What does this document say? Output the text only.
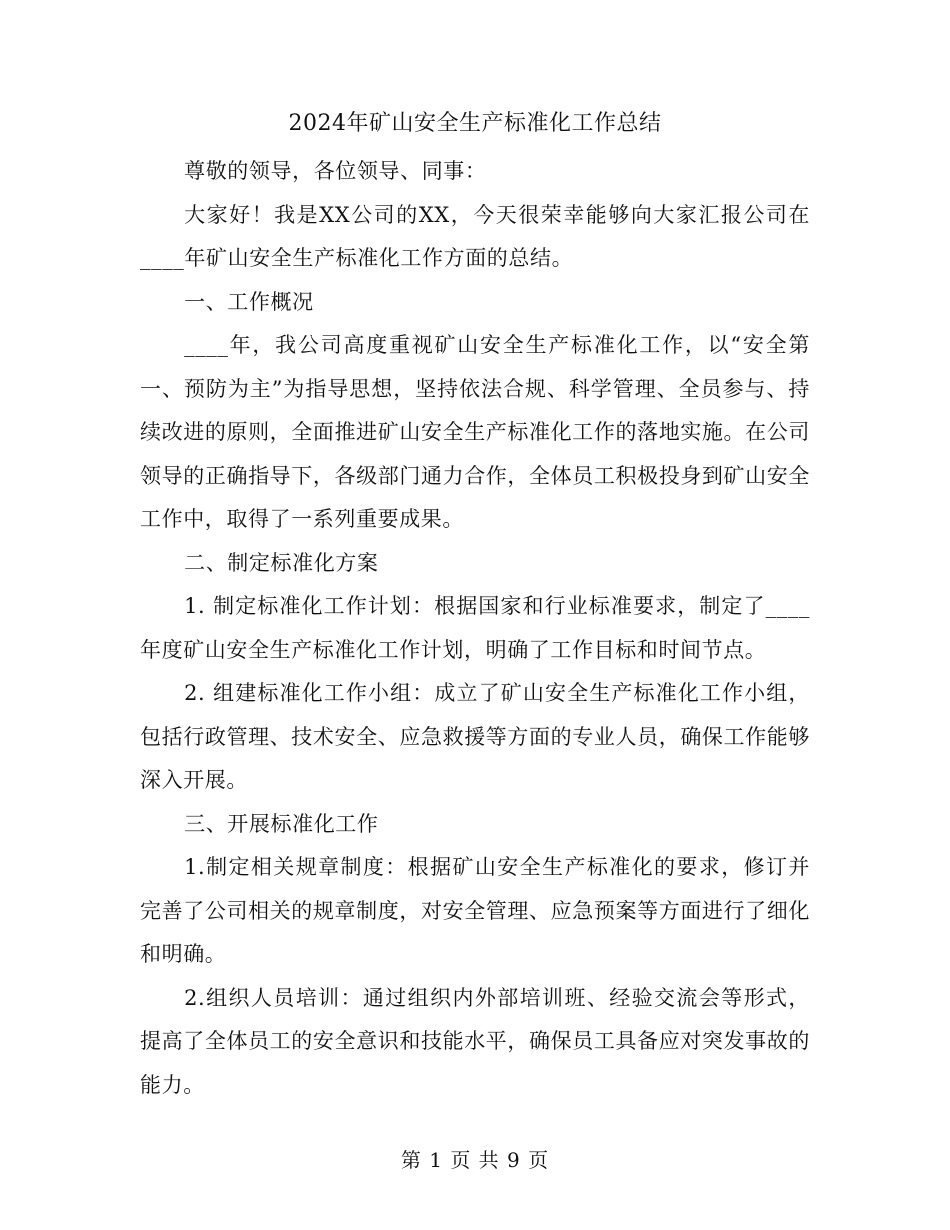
2024年矿山安全生产标准化工作总结

尊敬的领导，各位领导、同事：

大家好！我是XX公司的XX，今天很荣幸能够向大家汇报公司在____年矿山安全生产标准化工作方面的总结。

一、工作概况

____年，我公司高度重视矿山安全生产标准化工作，以“安全第一、预防为主”为指导思想，坚持依法合规、科学管理、全员参与、持续改进的原则，全面推进矿山安全生产标准化工作的落地实施。在公司领导的正确指导下，各级部门通力合作，全体员工积极投身到矿山安全工作中，取得了一系列重要成果。

二、制定标准化方案

1. 制定标准化工作计划：根据国家和行业标准要求，制定了____年度矿山安全生产标准化工作计划，明确了工作目标和时间节点。

2. 组建标准化工作小组：成立了矿山安全生产标准化工作小组，包括行政管理、技术安全、应急救援等方面的专业人员，确保工作能够深入开展。

三、开展标准化工作

1.制定相关规章制度：根据矿山安全生产标准化的要求，修订并完善了公司相关的规章制度，对安全管理、应急预案等方面进行了细化和明确。

2.组织人员培训：通过组织内外部培训班、经验交流会等形式，提高了全体员工的安全意识和技能水平，确保员工具备应对突发事故的能力。

第 1 页 共 9 页
